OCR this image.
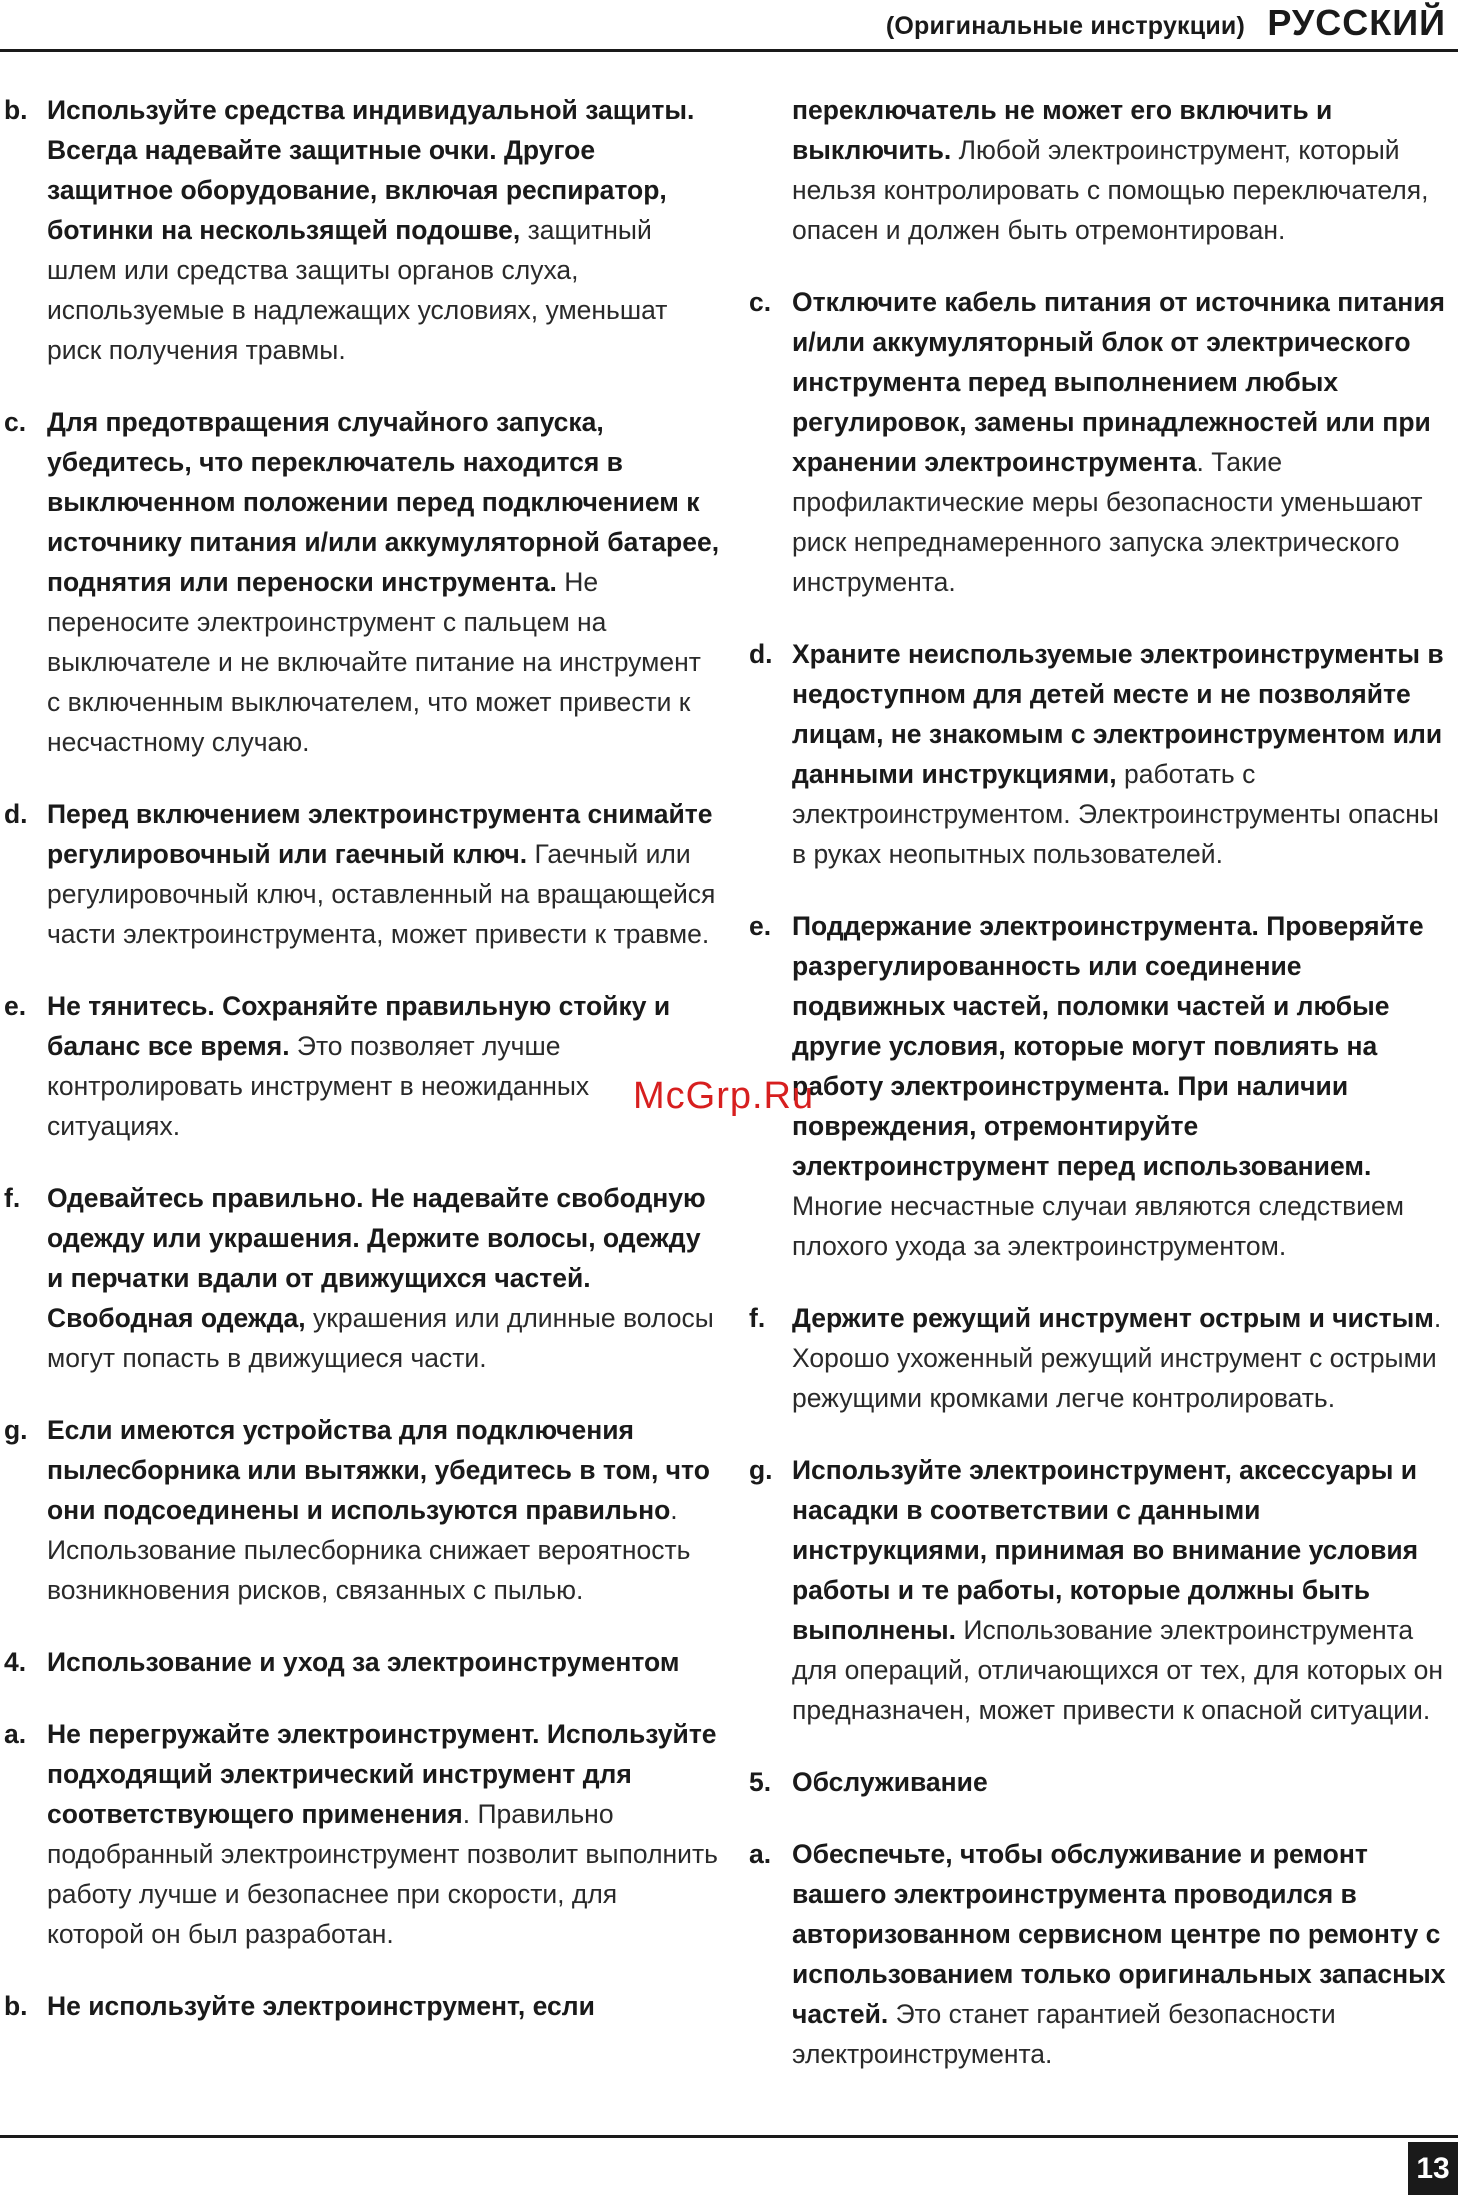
(Оригинальные инструкции) РУССКИЙ
b. Используйте средства индивидуальной защиты. Всегда надевайте защитные очки. Другое защитное оборудование, включая респиратор, ботинки на нескользящей подошве, защитный шлем или средства защиты органов слуха, используемые в надлежащих условиях, уменьшат риск получения травмы.
c. Для предотвращения случайного запуска, убедитесь, что переключатель находится в выключенном положении перед подключением к источнику питания и/или аккумуляторной батарее, поднятия или переноски инструмента. Не переносите электроинструмент с пальцем на выключателе и не включайте питание на инструмент с включенным выключателем, что может привести к несчастному случаю.
d. Перед включением электроинструмента снимайте регулировочный или гаечный ключ. Гаечный или регулировочный ключ, оставленный на вращающейся части электроинструмента, может привести к травме.
e. Не тянитесь. Сохраняйте правильную стойку и баланс все время. Это позволяет лучше контролировать инструмент в неожиданных ситуациях.
f. Одевайтесь правильно. Не надевайте свободную одежду или украшения. Держите волосы, одежду и перчатки вдали от движущихся частей. Свободная одежда, украшения или длинные волосы могут попасть в движущиеся части.
g. Если имеются устройства для подключения пылесборника или вытяжки, убедитесь в том, что они подсоединены и используются правильно. Использование пылесборника снижает вероятность возникновения рисков, связанных с пылью.
4. Использование и уход за электроинструментом
a. Не перегружайте электроинструмент. Используйте подходящий электрический инструмент для соответствующего применения. Правильно подобранный электроинструмент позволит выполнить работу лучше и безопаснее при скорости, для которой он был разработан.
b. Не используйте электроинструмент, если
переключатель не может его включить и выключить. Любой электроинструмент, который нельзя контролировать с помощью переключателя, опасен и должен быть отремонтирован.
c. Отключите кабель питания от источника питания и/или аккумуляторный блок от электрического инструмента перед выполнением любых регулировок, замены принадлежностей или при хранении электроинструмента. Такие профилактические меры безопасности уменьшают риск непреднамеренного запуска электрического инструмента.
d. Храните неиспользуемые электроинструменты в недоступном для детей месте и не позволяйте лицам, не знакомым с электроинструментом или данными инструкциями, работать с электроинструментом. Электроинструменты опасны в руках неопытных пользователей.
e. Поддержание электроинструмента. Проверяйте разрегулированность или соединение подвижных частей, поломки частей и любые другие условия, которые могут повлиять на работу электроинструмента. При наличии повреждения, отремонтируйте электроинструмент перед использованием. Многие несчастные случаи являются следствием плохого ухода за электроинструментом.
f. Держите режущий инструмент острым и чистым. Хорошо ухоженный режущий инструмент с острыми режущими кромками легче контролировать.
g. Используйте электроинструмент, аксессуары и насадки в соответствии с данными инструкциями, принимая во внимание условия работы и те работы, которые должны быть выполнены. Использование электроинструмента для операций, отличающихся от тех, для которых он предназначен, может привести к опасной ситуации.
5. Обслуживание
a. Обеспечьте, чтобы обслуживание и ремонт вашего электроинструмента проводился в авторизованном сервисном центре по ремонту с использованием только оригинальных запасных частей. Это станет гарантией безопасности электроинструмента.
McGrp.Ru
13
